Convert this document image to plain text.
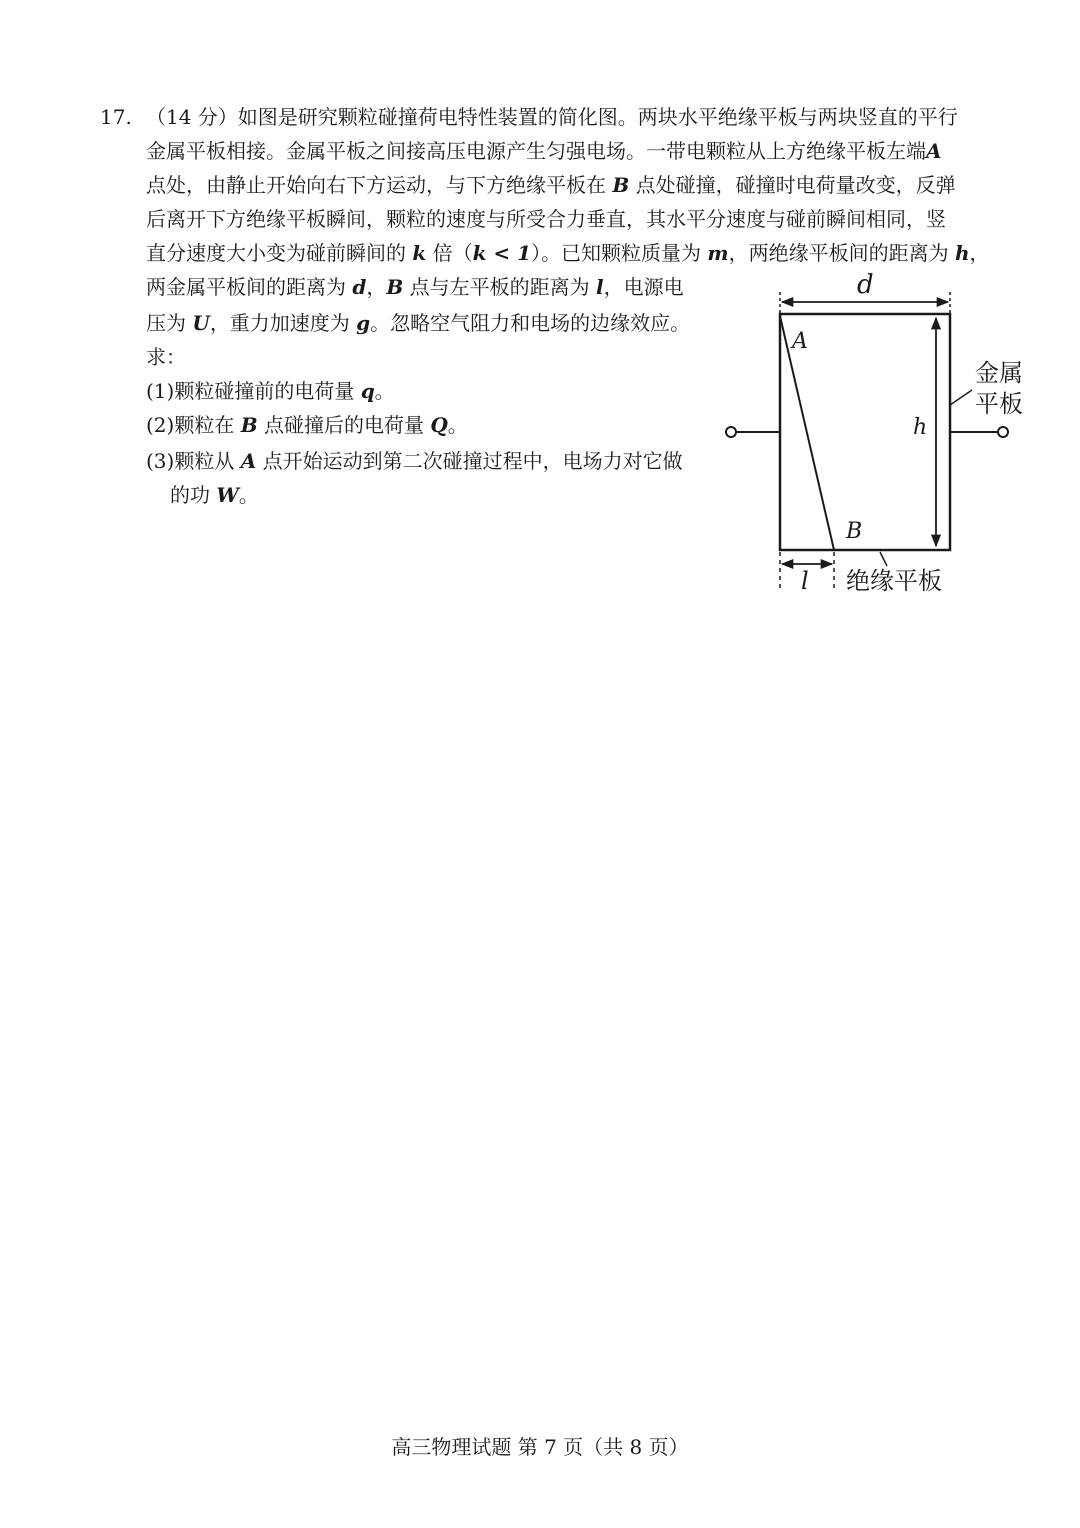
17. （14 分）如图是研究颗粒碰撞荷电特性装置的简化图。两块水平绝缘平板与两块竖直的平行
金属平板相接。金属平板之间接高压电源产生匀强电场。一带电颗粒从上方绝缘平板左端A
点处，由静止开始向右下方运动，与下方绝缘平板在 B 点处碰撞，碰撞时电荷量改变，反弹
后离开下方绝缘平板瞬间，颗粒的速度与所受合力垂直，其水平分速度与碰前瞬间相同，竖
直分速度大小变为碰前瞬间的 k 倍（k < 1）。已知颗粒质量为 m，两绝缘平板间的距离为 h，
两金属平板间的距离为 d，B 点与左平板的距离为 l，电源电
压为 U，重力加速度为 g。忽略空气阻力和电场的边缘效应。
求：
(1)颗粒碰撞前的电荷量 q。
(2)颗粒在 B 点碰撞后的电荷量 Q。
(3)颗粒从 A 点开始运动到第二次碰撞过程中，电场力对它做
的功 W。
d
A
B
h
金属
平板
l 绝缘平板
高三物理试题 第 7 页（共 8 页）
